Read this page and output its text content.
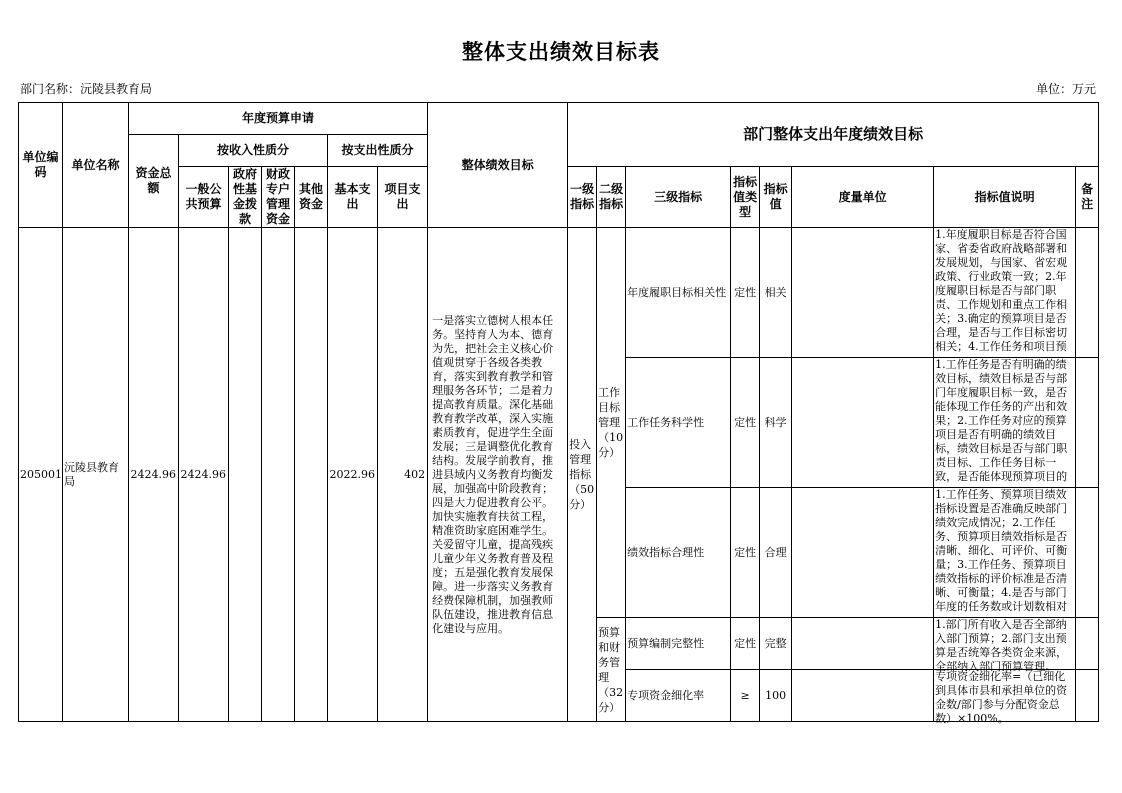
整体支出绩效目标表
部门名称：沅陵县教育局	单位：万元
单位编码	单位名称	年度预算申请							整体绩效目标	部门整体支出年度绩效目标							
		资金总额	按收入性质分				按支出性质分										
			一般公共预算	政府性基金拨款	财政专户管理资金	其他资金	基本支出	项目支出		一级指标	二级指标	三级指标	指标值类型	指标值	度量单位	指标值说明	备注

205001	沅陵县教育局	2424.96	2424.96				2022.96	402	一是落实立德树人根本任务。坚持育人为本、德育为先，把社会主义核心价值观贯穿于各级各类教育，落实到教育教学和管理服务各环节；二是着力提高教育质量。深化基础教育教学改革，深入实施素质教育，促进学生全面发展；三是调整优化教育结构。发展学前教育，推进县域内义务教育均衡发展，加强高中阶段教育；四是大力促进教育公平。加快实施教育扶贫工程，精准资助家庭困难学生。关爱留守儿童，提高残疾儿童少年义务教育普及程度；五是强化教育发展保障。进一步落实义务教育经费保障机制，加强教师队伍建设，推进教育信息化建设与应用。	投入管理指标（50分）	工作目标管理（10分）	年度履职目标相关性	定性	相关		1.年度履职目标是否符合国家、省委省政府战略部署和发展规划，与国家、省宏观政策、行业政策一致；2.年度履职目标是否与部门职责、工作规划和重点工作相关；3.确定的预算项目是否合理，是否与工作目标密切相关；4.工作任务和项目预	

												工作任务科学性	定性	科学		1.工作任务是否有明确的绩效目标，绩效目标是否与部门年度履职目标一致，是否能体现工作任务的产出和效果；2.工作任务对应的预算项目是否有明确的绩效目标，绩效目标是否与部门职责目标、工作任务目标一致，是否能体现预算项目的	

												绩效指标合理性	定性	合理		1.工作任务、预算项目绩效指标设置是否准确反映部门绩效完成情况；2.工作任务、预算项目绩效指标是否清晰、细化、可评价、可衡量；3.工作任务、预算项目绩效指标的评价标准是否清晰、可衡量；4.是否与部门年度的任务数或计划数相对	

											预算和财务管理（32分）	预算编制完整性	定性	完整		1.部门所有收入是否全部纳入部门预算；2.部门支出预算是否统筹各类资金来源，全部纳入部门预算管理。	

												专项资金细化率	≥	100		专项资金细化率=（已细化到具体市县和承担单位的资金数/部门参与分配资金总数）×100%。	
